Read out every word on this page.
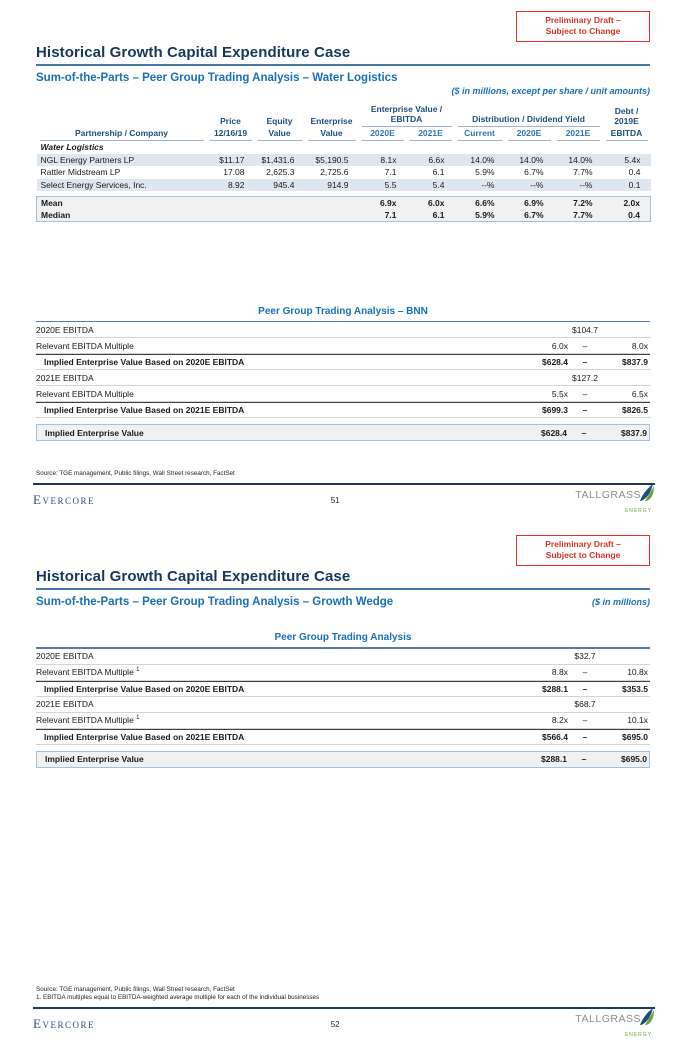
Preliminary Draft –
Subject to Change
Historical Growth Capital Expenditure Case
Sum-of-the-Parts – Peer Group Trading Analysis – Water Logistics
($ in millions, except per share / unit amounts)

	Price	Equity	Enterprise	Enterprise Value / EBITDA		Distribution / Dividend Yield			Debt / 2019E

Partnership / Company	12/16/19	Value	Value	2020E	2021E	Current	2020E	2021E	EBITDA

Water Logistics									
NGL Energy Partners LP	$11.17	$1,431.6	$5,190.5	8.1x	6.6x	14.0%	14.0%	14.0%	5.4x
Rattler Midstream LP	17.08	2,625.3	2,725.6	7.1	6.1	5.9%	6.7%	7.7%	0.4
Select Energy Services, Inc.	8.92	945.4	914.9	5.5	5.4	--%	--%	--%	0.1

Mean				6.9x	6.0x	6.6%	6.9%	7.2%	2.0x
Median				7.1	6.1	5.9%	6.7%	7.7%	0.4
Peer Group Trading Analysis – BNN
2020E EBITDA	$104.7
Relevant EBITDA Multiple	6.0x	–	8.0x
Implied Enterprise Value Based on 2020E EBITDA	$628.4	–	$837.9
2021E EBITDA	$127.2
Relevant EBITDA Multiple	5.5x	–	6.5x
Implied Enterprise Value Based on 2021E EBITDA	$699.3	–	$826.5
Implied Enterprise Value	$628.4	–	$837.9
Source: TGE management, Public filings, Wall Street research, FactSet
Evercore	51	TALLGRASS
ENERGY
Preliminary Draft –
Subject to Change
Historical Growth Capital Expenditure Case
Sum-of-the-Parts – Peer Group Trading Analysis – Growth Wedge	($ in millions)
Peer Group Trading Analysis
2020E EBITDA	$32.7
Relevant EBITDA Multiple $^1$	8.8x	–	10.8x
Implied Enterprise Value Based on 2020E EBITDA	$288.1	–	$353.5
2021E EBITDA	$68.7
Relevant EBITDA Multiple $^1$	8.2x	–	10.1x
Implied Enterprise Value Based on 2021E EBITDA	$566.4	–	$695.0
Implied Enterprise Value	$288.1	–	$695.0
Source: TGE management, Public filings, Wall Street research, FactSet
1. EBITDA multiples equal to EBITDA-weighted average multiple for each of the individual businesses
Evercore	52	TALLGRASS
ENERGY
